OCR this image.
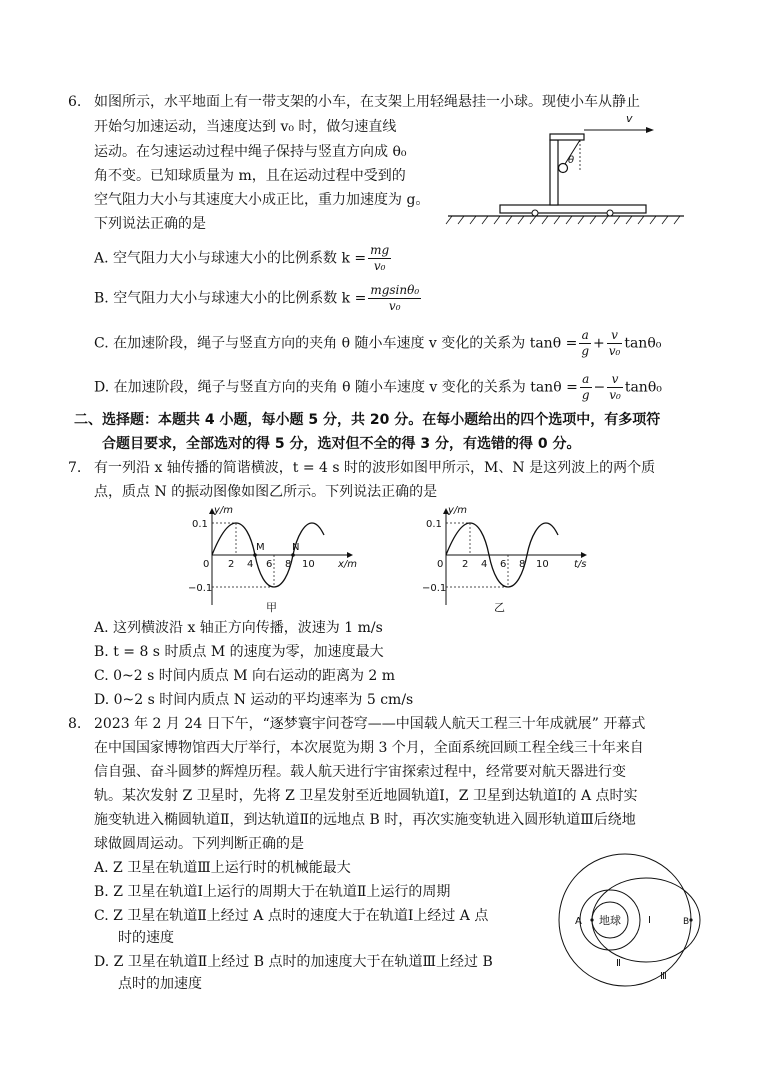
6. 如图所示，水平地面上有一带支架的小车，在支架上用轻绳悬挂一小球。现使小车从静止
开始匀加速运动，当速度达到 v₀ 时，做匀速直线
运动。在匀速运动过程中绳子保持与竖直方向成 θ₀
角不变。已知球质量为 m，且在运动过程中受到的
空气阻力大小与其速度大小成正比，重力加速度为 g。
下列说法正确的是
θ
v
A. 空气阻力大小与球速大小的比例系数 $k = \frac{mg}{\text{v₀}}$
B. 空气阻力大小与球速大小的比例系数 $k = \frac{\text{mgsinθ₀}}{\text{v₀}}$
C. 在加速阶段，绳子与竖直方向的夹角 θ 随小车速度 v 变化的关系为 $\tan\theta = \frac{a}{g} + \frac{v}{\text{v₀}} \tan\theta_0$
D. 在加速阶段，绳子与竖直方向的夹角 θ 随小车速度 v 变化的关系为 $\tan\theta = \frac{a}{g} - \frac{v}{\text{v₀}} \tan\theta_0$
二、选择题：本题共 4 小题，每小题 5 分，共 20 分。在每小题给出的四个选项中，有多项符
合题目要求，全部选对的得 5 分，选对但不全的得 3 分，有选错的得 0 分。
7. 有一列沿 x 轴传播的简谐横波，t = 4 s 时的波形如图甲所示，M、N 是这列波上的两个质
点，质点 N 的振动图像如图乙所示。下列说法正确的是
0.1
−0.1
0
y/m
x/m
2 4 6 8 10
M	N
甲
0.1
−0.1
0
y/m
t/s
2 4 6 8 10
乙
A. 这列横波沿 x 轴正方向传播，波速为 1 m/s
B. t = 8 s 时质点 M 的速度为零，加速度最大
C. 0~2 s 时间内质点 M 向右运动的距离为 2 m
D. 0~2 s 时间内质点 N 运动的平均速率为 5 cm/s
8. 2023 年 2 月 24 日下午，“逐梦寰宇问苍穹——中国载人航天工程三十年成就展” 开幕式
在中国国家博物馆西大厅举行，本次展览为期 3 个月，全面系统回顾工程全线三十年来自
信自强、奋斗圆梦的辉煌历程。载人航天进行宇宙探索过程中，经常要对航天器进行变
轨。某次发射 Z 卫星时，先将 Z 卫星发射至近地圆轨道Ⅰ，Z 卫星到达轨道Ⅰ的 A 点时实
施变轨进入椭圆轨道Ⅱ，到达轨道Ⅱ的远地点 B 时，再次实施变轨进入圆形轨道Ⅲ后绕地
球做圆周运动。下列判断正确的是
A. Z 卫星在轨道Ⅲ上运行时的机械能最大
B. Z 卫星在轨道Ⅰ上运行的周期大于在轨道Ⅱ上运行的周期
C. Z 卫星在轨道Ⅱ上经过 A 点时的速度大于在轨道Ⅰ上经过 A 点
时的速度
D. Z 卫星在轨道Ⅱ上经过 B 点时的加速度大于在轨道Ⅲ上经过 B
点时的加速度
地球
A	B
Ⅰ
Ⅱ
Ⅲ
